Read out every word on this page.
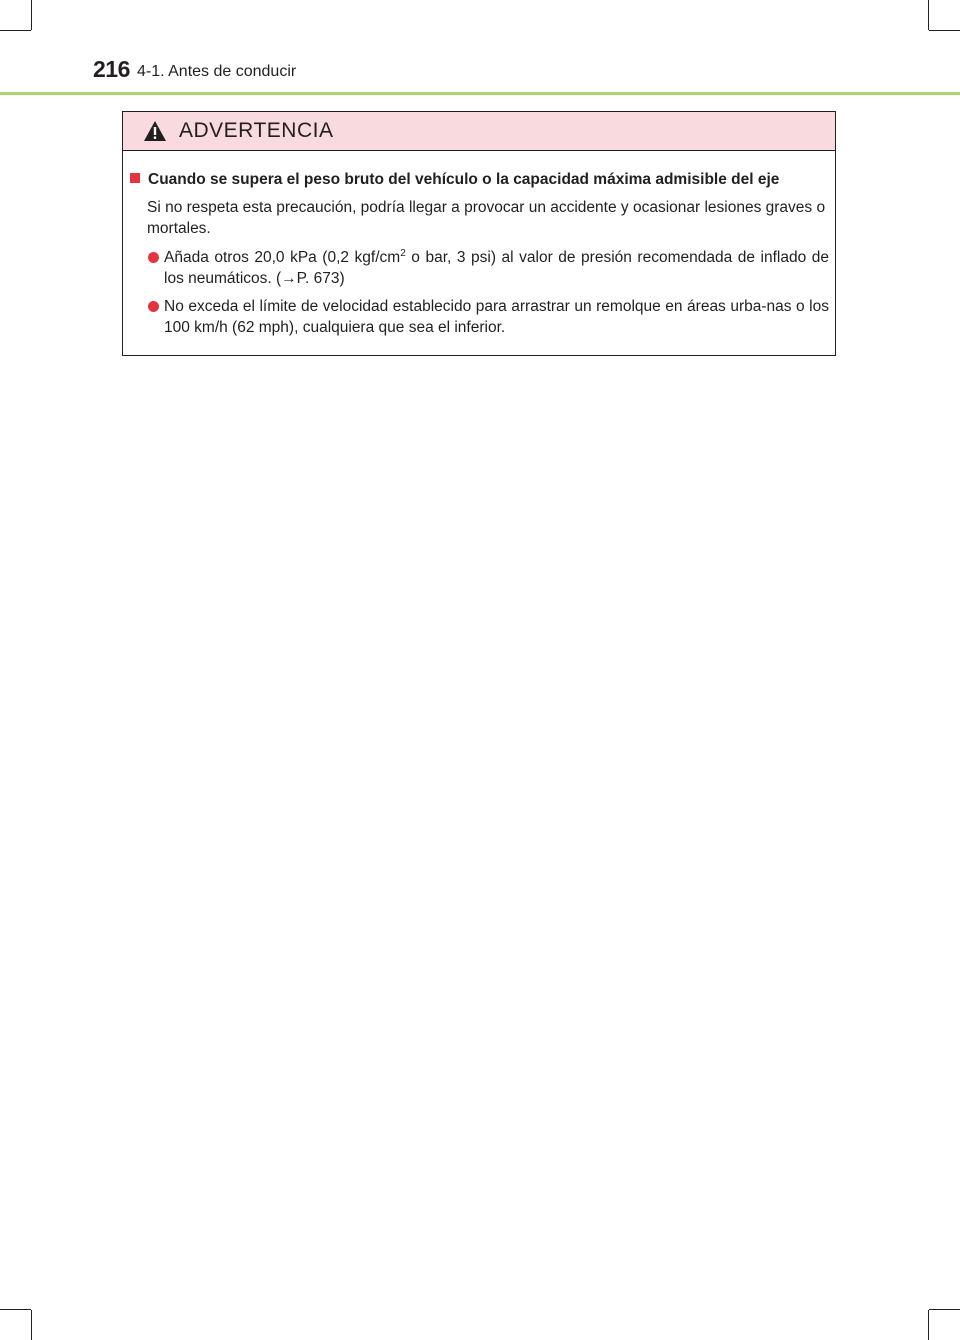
216 4-1. Antes de conducir
ADVERTENCIA
Cuando se supera el peso bruto del vehículo o la capacidad máxima admisible del eje
Si no respeta esta precaución, podría llegar a provocar un accidente y ocasionar lesiones graves o mortales.
Añada otros 20,0 kPa (0,2 kgf/$cm^2$ o bar, 3 psi) al valor de presión recomendada de inflado de los neumáticos. (→P. 673)
No exceda el límite de velocidad establecido para arrastrar un remolque en áreas urba-nas o los 100 km/h (62 mph), cualquiera que sea el inferior.
